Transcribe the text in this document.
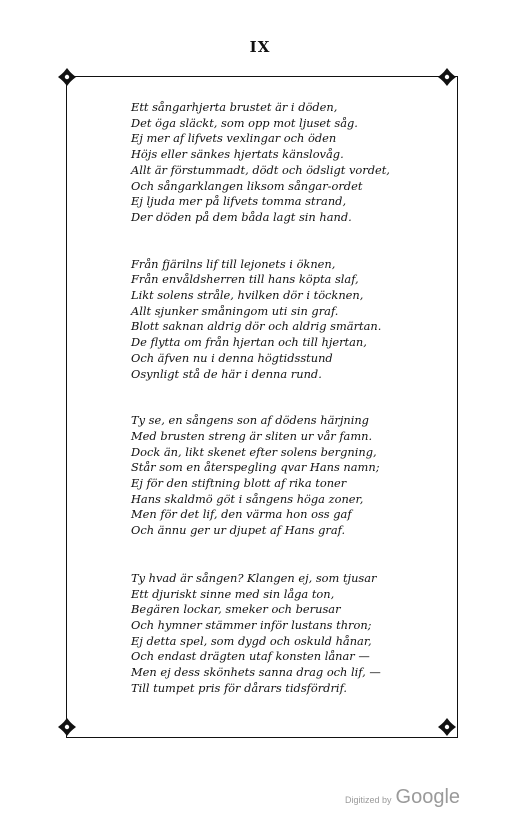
IX
Ett sångarhjerta brustet är i döden,
Det öga släckt, som opp mot ljuset såg.
Ej mer af lifvets vexlingar och öden
Höjs eller sänkes hjertats känslovåg.
Allt är förstummadt, dödt och ödsligt vordet,
Och sångarklangen liksom sångar-ordet
Ej ljuda mer på lifvets tomma strand,
Der döden på dem båda lagt sin hand.
Från fjärilns lif till lejonets i öknen,
Från envåldsherren till hans köpta slaf,
Likt solens stråle, hvilken dör i töcknen,
Allt sjunker småningom uti sin graf.
Blott saknan aldrig dör och aldrig smärtan.
De flytta om från hjertan och till hjertan,
Och äfven nu i denna högtidsstund
Osynligt stå de här i denna rund.
Ty se, en sångens son af dödens härjning
Med brusten streng är sliten ur vår famn.
Dock än, likt skenet efter solens bergning,
Står som en återspegling qvar Hans namn;
Ej för den stiftning blott af rika toner
Hans skaldmö göt i sångens höga zoner,
Men för det lif, den värma hon oss gaf
Och ännu ger ur djupet af Hans graf.
Ty hvad är sången? Klangen ej, som tjusar
Ett djuriskt sinne med sin låga ton,
Begären lockar, smeker och berusar
Och hymner stämmer inför lustans thron;
Ej detta spel, som dygd och oskuld hånar,
Och endast drägten utaf konsten lånar —
Men ej dess skönhets sanna drag och lif, —
Till tumpet pris för dårars tidsfördrif.
Digitized by Google
